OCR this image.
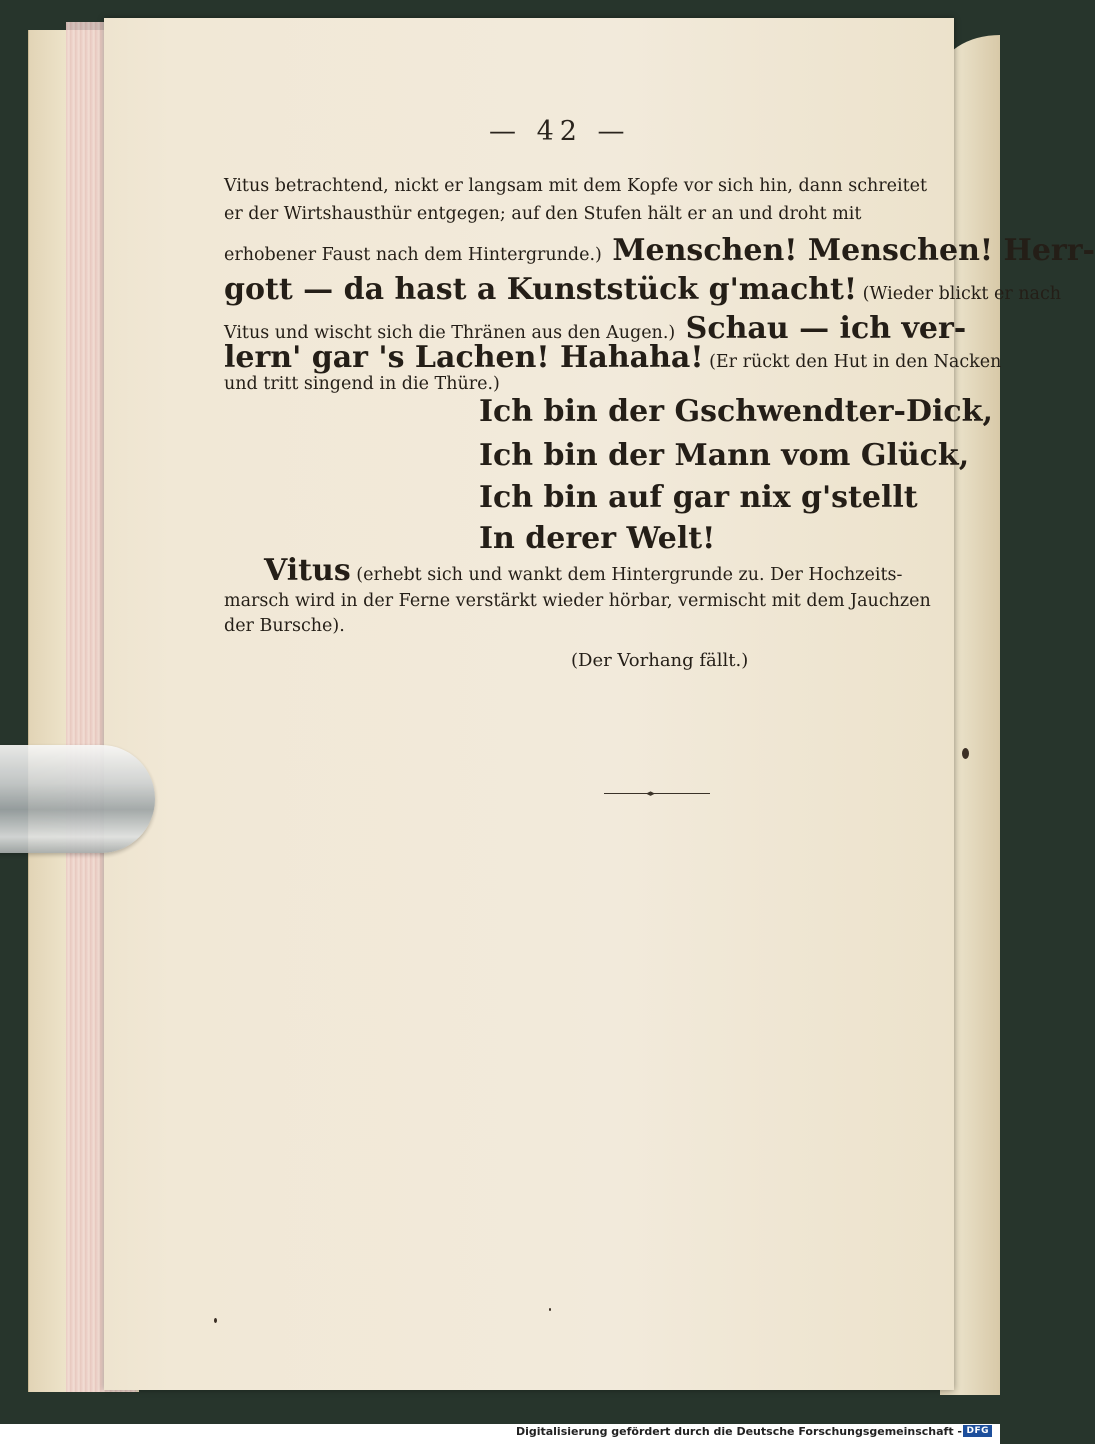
— 42 —
Vitus betrachtend, nickt er langsam mit dem Kopfe vor sich hin, dann schreitet
er der Wirtshausthür entgegen; auf den Stufen hält er an und droht mit
erhobener Faust nach dem Hintergrunde.) Menschen! Menschen! Herr-
gott — da hast a Kunststück g'macht! (Wieder blickt er nach
Vitus und wischt sich die Thränen aus den Augen.) Schau — ich ver-
lern' gar 's Lachen! Hahaha! (Er rückt den Hut in den Nacken
und tritt singend in die Thüre.)
Ich bin der Gschwendter-Dick,
Ich bin der Mann vom Glück,
Ich bin auf gar nix g'stellt
In derer Welt!
Vitus (erhebt sich und wankt dem Hintergrunde zu. Der Hochzeits-
marsch wird in der Ferne verstärkt wieder hörbar, vermischt mit dem Jauchzen
der Bursche).
(Der Vorhang fällt.)
◂▸
Digitalisierung gefördert durch die Deutsche Forschungsgemeinschaft - DFG
